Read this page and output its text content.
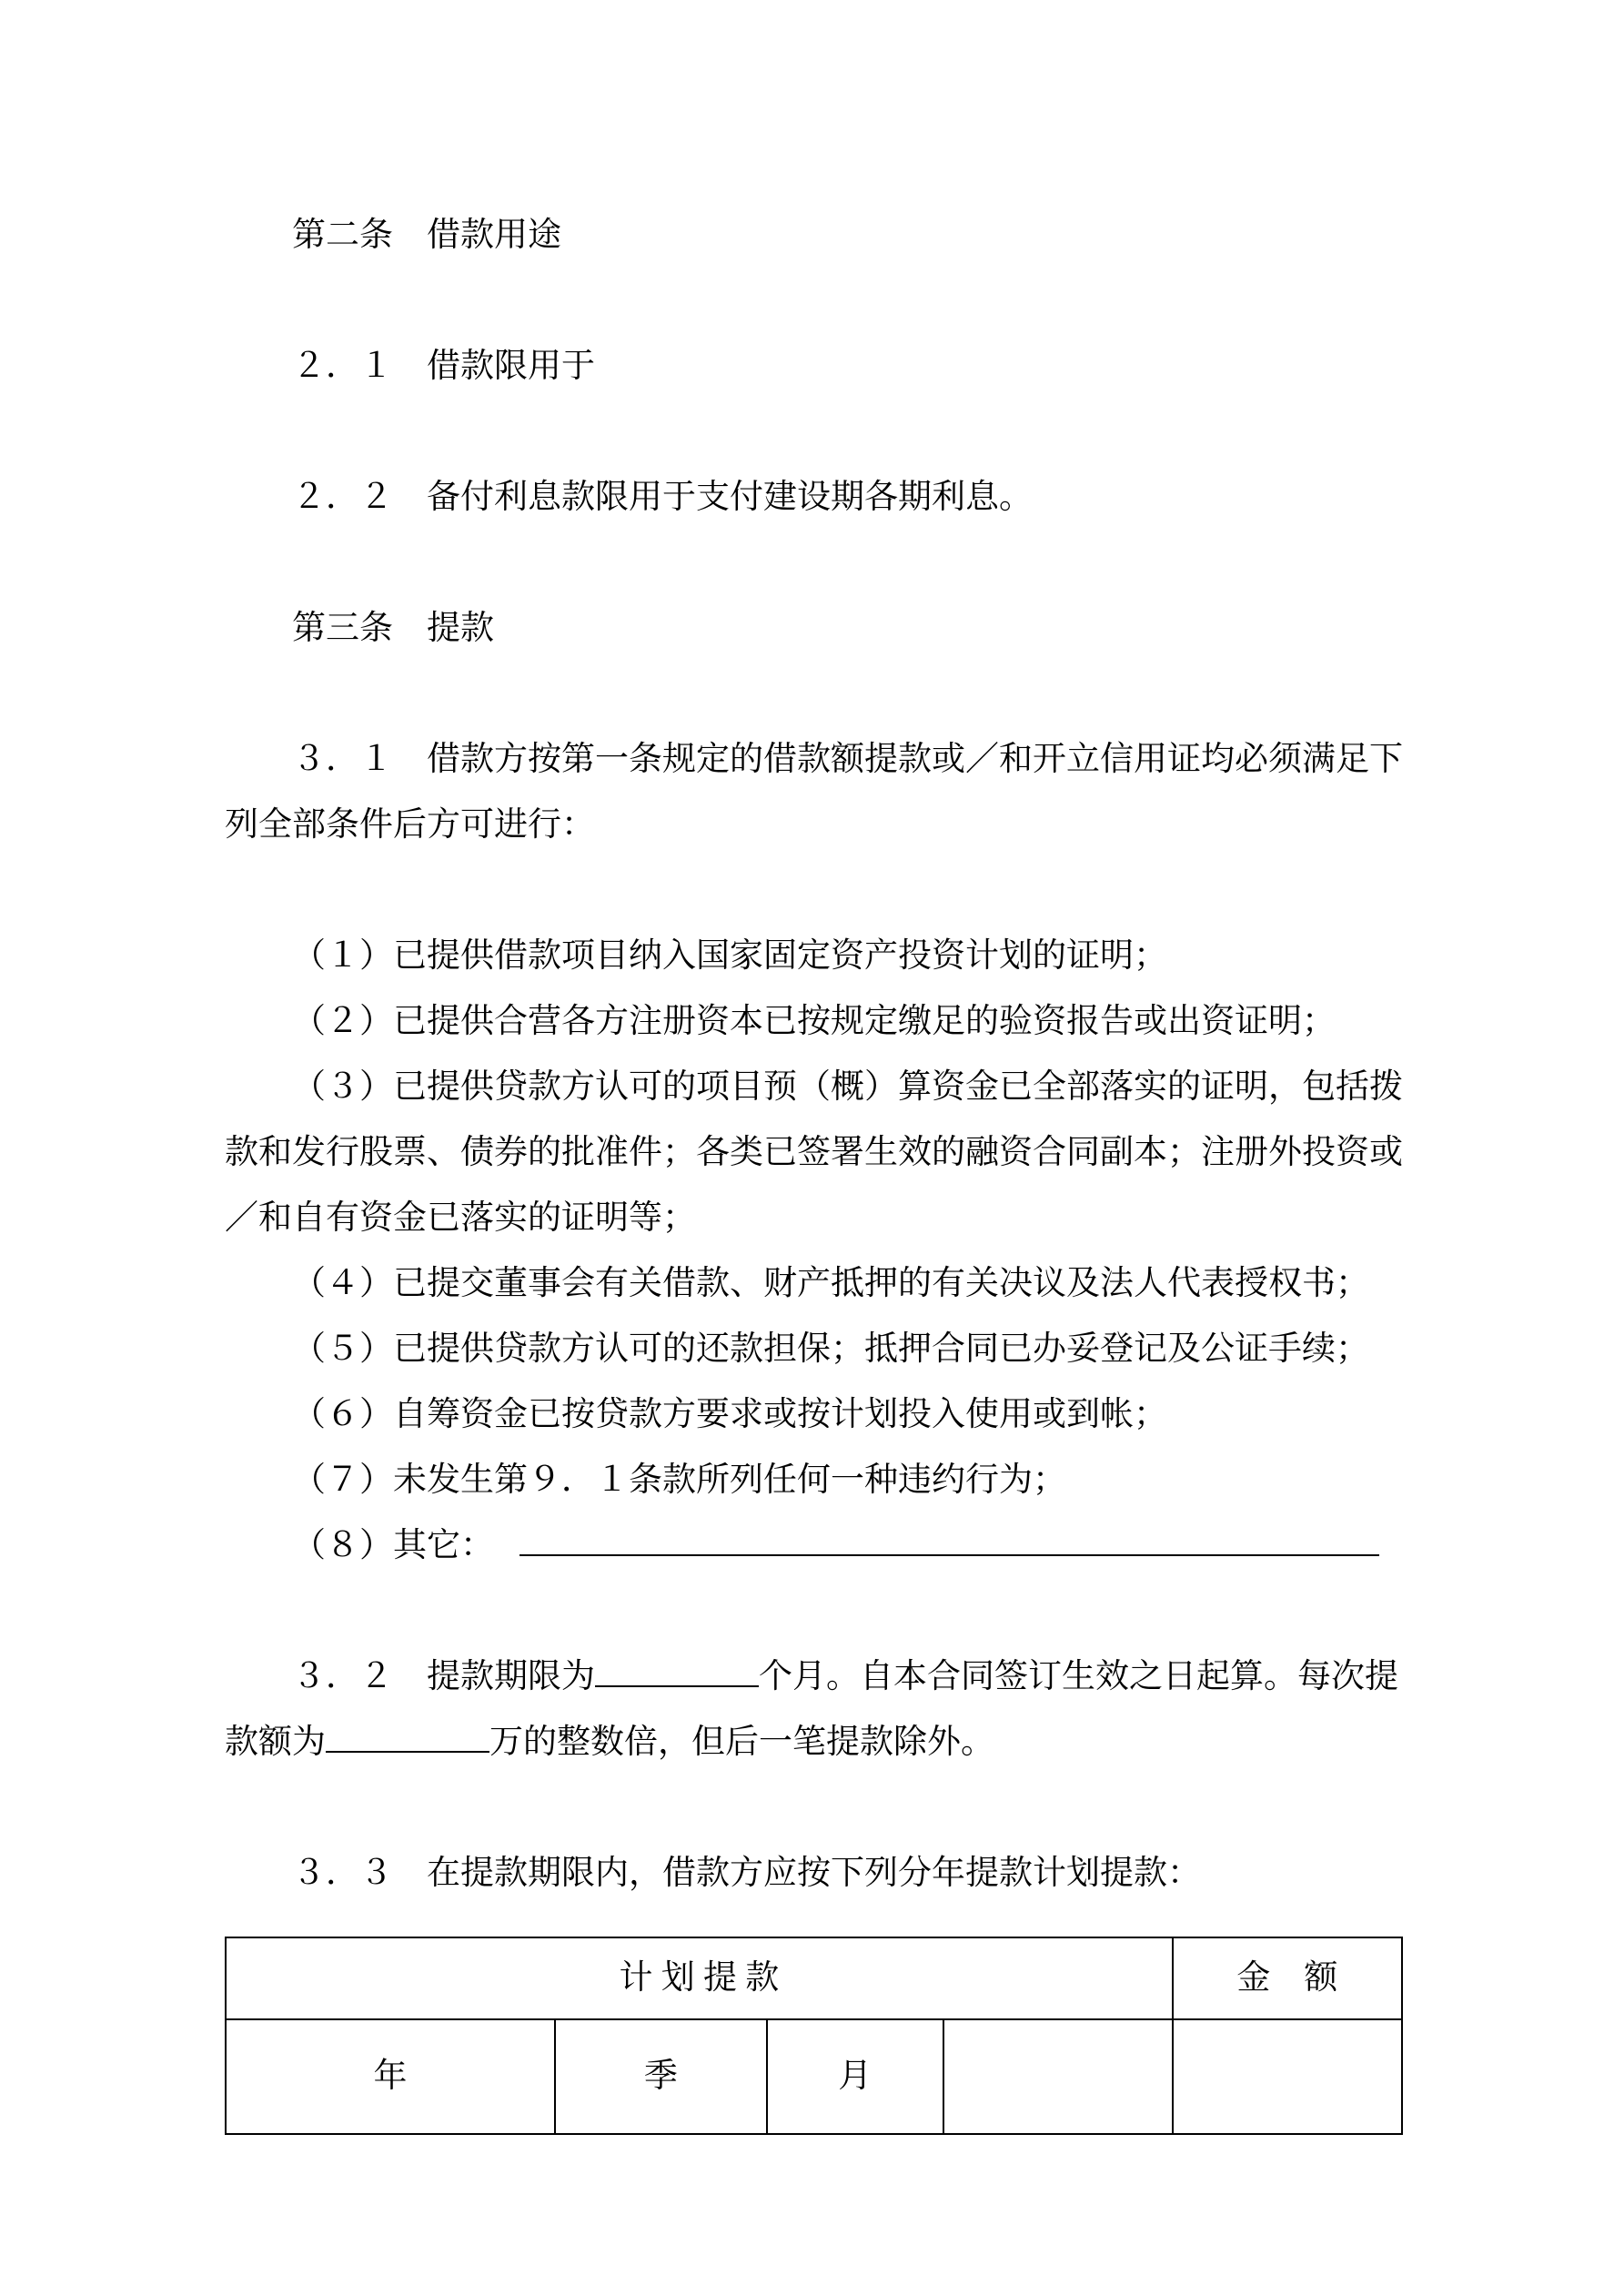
第二条　借款用途

２．１　借款限用于

２．２　备付利息款限用于支付建设期各期利息。

第三条　提款

３．１　借款方按第一条规定的借款额提款或／和开立信用证均必须满足下列全部条件后方可进行：

（１）已提供借款项目纳入国家固定资产投资计划的证明；

（２）已提供合营各方注册资本已按规定缴足的验资报告或出资证明；

（３）已提供贷款方认可的项目预（概）算资金已全部落实的证明，包括拨款和发行股票、债券的批准件；各类已签署生效的融资合同副本；注册外投资或／和自有资金已落实的证明等；

（４）已提交董事会有关借款、财产抵押的有关决议及法人代表授权书；

（５）已提供贷款方认可的还款担保；抵押合同已办妥登记及公证手续；

（６）自筹资金已按贷款方要求或按计划投入使用或到帐；

（７）未发生第９．１条款所列任何一种违约行为；

（８）其它：

３．２　提款期限为	个月。自本合同签订生效之日起算。每次提款额为	万的整数倍，但后一笔提款除外。

３．３　在提款期限内，借款方应按下列分年提款计划提款：

计 划 提 款				金　额
年	季	月		
